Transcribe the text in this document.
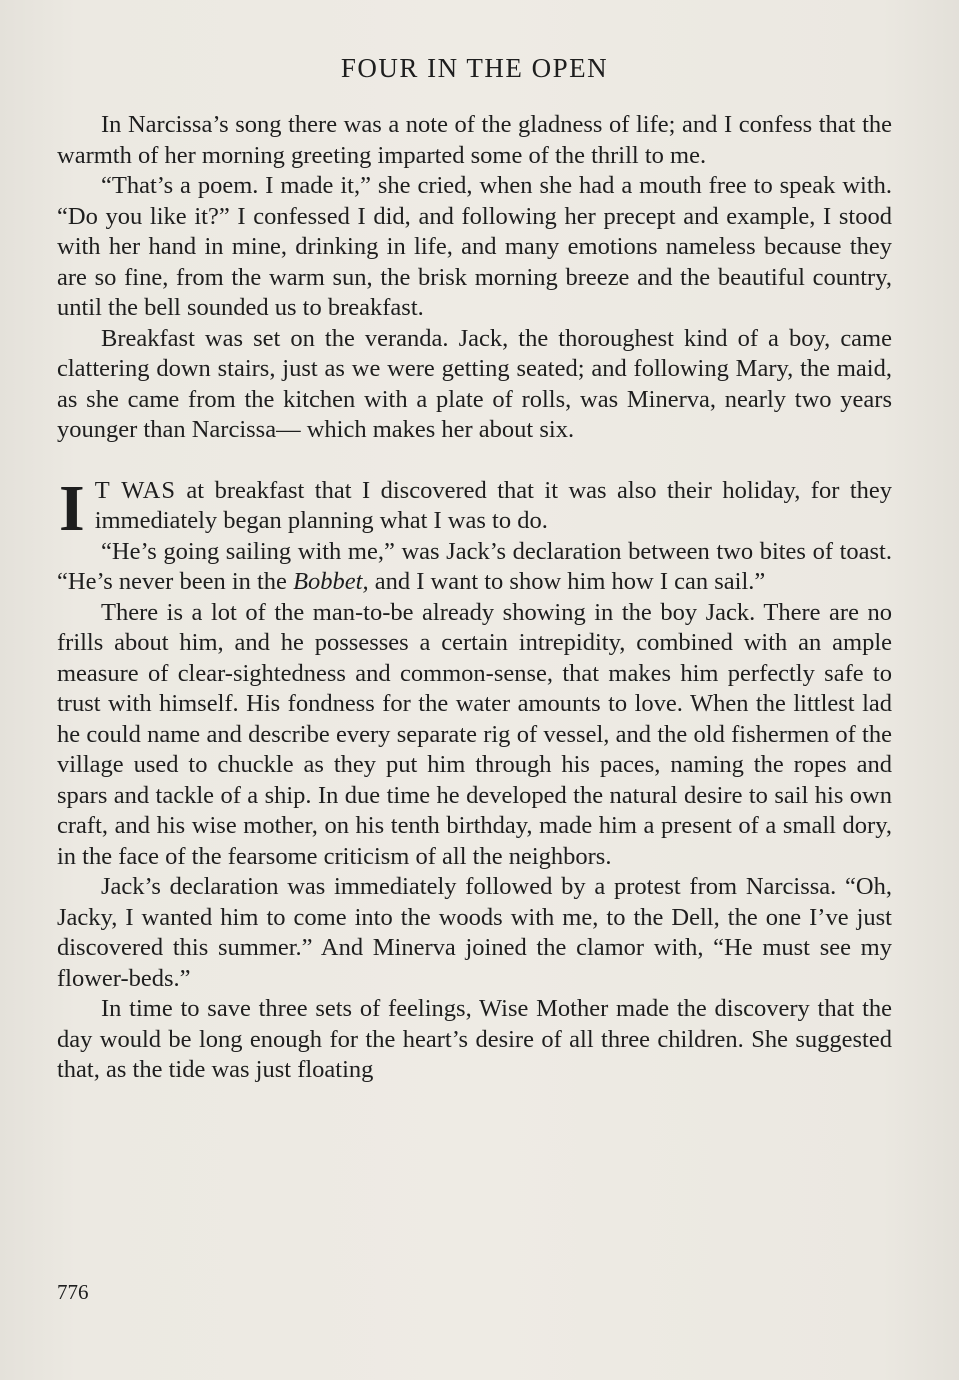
FOUR IN THE OPEN

In Narcissa’s song there was a note of the gladness of life; and I confess that the warmth of her morning greeting imparted some of the thrill to me.

“That’s a poem. I made it,” she cried, when she had a mouth free to speak with. “Do you like it?” I confessed I did, and following her precept and example, I stood with her hand in mine, drinking in life, and many emotions nameless because they are so fine, from the warm sun, the brisk morning breeze and the beautiful country, until the bell sounded us to breakfast.

Breakfast was set on the veranda. Jack, the thoroughest kind of a boy, came clattering down stairs, just as we were getting seated; and following Mary, the maid, as she came from the kitchen with a plate of rolls, was Minerva, nearly two years younger than Narcissa— which makes her about six.

I T WAS at breakfast that I discovered that it was also their holiday, for they immediately began planning what I was to do.

“He’s going sailing with me,” was Jack’s declaration between two bites of toast. “He’s never been in the Bobbet, and I want to show him how I can sail.”

There is a lot of the man-to-be already showing in the boy Jack. There are no frills about him, and he possesses a certain intrepidity, combined with an ample measure of clear-sightedness and common-sense, that makes him perfectly safe to trust with himself. His fondness for the water amounts to love. When the littlest lad he could name and describe every separate rig of vessel, and the old fishermen of the village used to chuckle as they put him through his paces, naming the ropes and spars and tackle of a ship. In due time he developed the natural desire to sail his own craft, and his wise mother, on his tenth birthday, made him a present of a small dory, in the face of the fearsome criticism of all the neighbors.

Jack’s declaration was immediately followed by a protest from Narcissa. “Oh, Jacky, I wanted him to come into the woods with me, to the Dell, the one I’ve just discovered this summer.” And Minerva joined the clamor with, “He must see my flower-beds.”

In time to save three sets of feelings, Wise Mother made the discovery that the day would be long enough for the heart’s desire of all three children. She suggested that, as the tide was just floating

776
